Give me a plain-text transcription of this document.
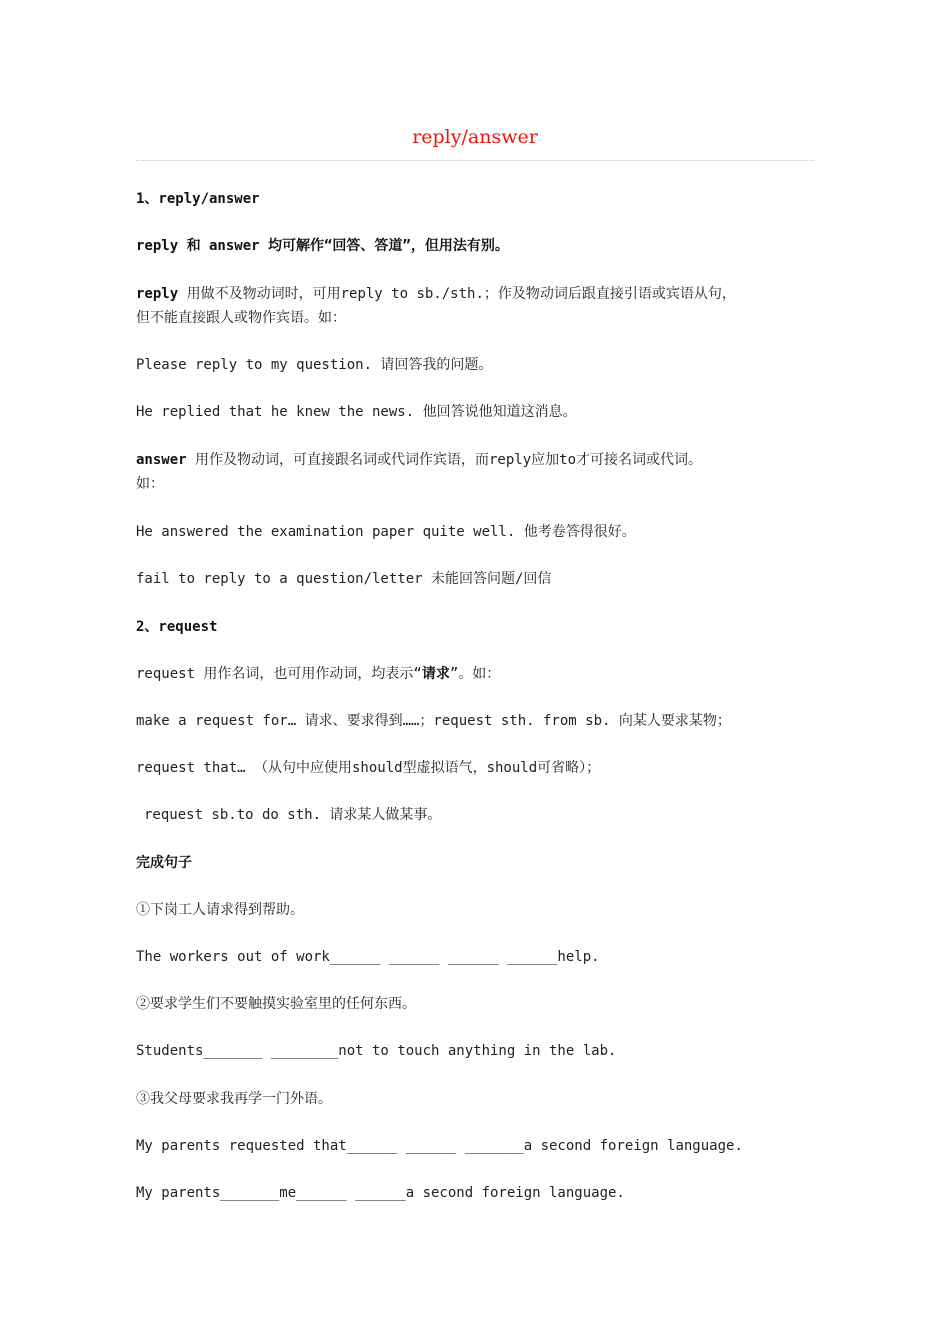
reply/answer
1、reply/answer
reply 和 answer 均可解作“回答、答道”，但用法有别。
reply 用做不及物动词时，可用reply to sb./sth.；作及物动词后跟直接引语或宾语从句，
但不能直接跟人或物作宾语。如：
Please reply to my question. 请回答我的问题。
He replied that he knew the news. 他回答说他知道这消息。
answer 用作及物动词，可直接跟名词或代词作宾语，而reply应加to才可接名词或代词。
如：
He answered the examination paper quite well. 他考卷答得很好。
fail to reply to a question/letter 未能回答问题/回信
2、request
request 用作名词，也可用作动词，均表示“请求”。如：
make a request for… 请求、要求得到……；request sth. from sb. 向某人要求某物；
request that… （从句中应使用should型虚拟语气，should可省略）；
request sb.to do sth. 请求某人做某事。
完成句子
①下岗工人请求得到帮助。
The workers out of work______ ______ ______ ______help.
②要求学生们不要触摸实验室里的任何东西。
Students_______ ________not to touch anything in the lab.
③我父母要求我再学一门外语。
My parents requested that______ ______ _______a second foreign language.
My parents_______me______ ______a second foreign language.
